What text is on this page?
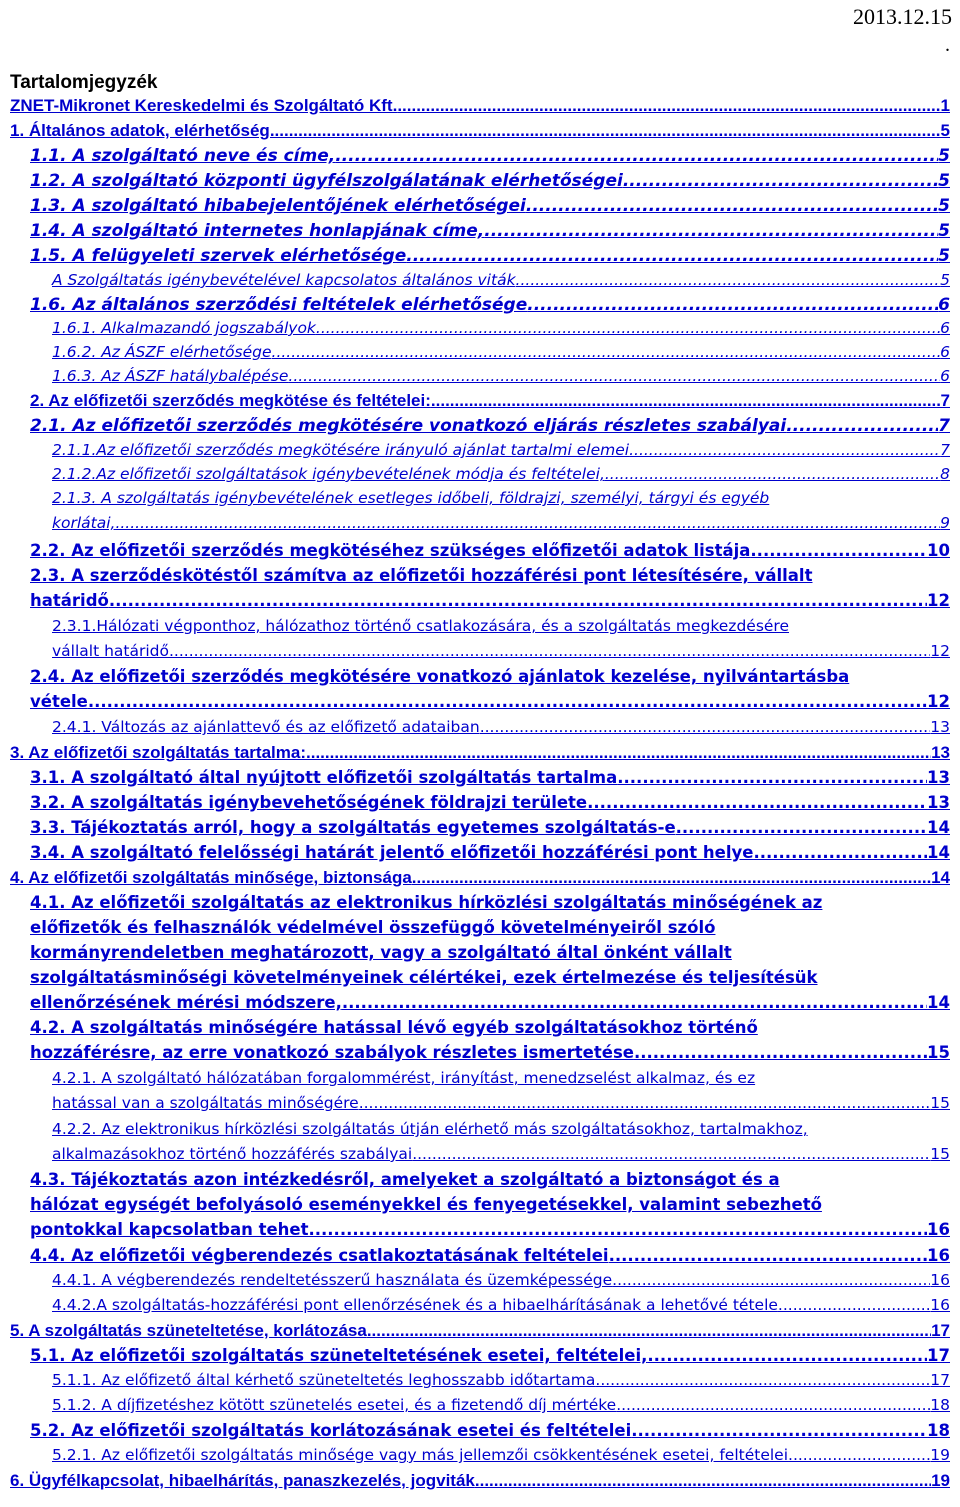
2013.12.15
.
Tartalomjegyzék
ZNET-Mikronet Kereskedelmi és Szolgáltató Kft. .....	1
1. Általános adatok, elérhetőség .....	5
1.1. A szolgáltató neve és címe, .....	5
1.2. A szolgáltató központi ügyfélszolgálatának elérhetőségei .....	5
1.3. A szolgáltató hibabejelentőjének elérhetőségei .....	5
1.4. A szolgáltató internetes honlapjának címe, .....	5
1.5. A felügyeleti szervek elérhetősége .....	5
A Szolgáltatás igénybevételével kapcsolatos általános viták .....	5
1.6. Az általános szerződési feltételek elérhetősége .....	6
1.6.1. Alkalmazandó jogszabályok .....	6
1.6.2. Az ÁSZF elérhetősége .....	6
1.6.3. Az ÁSZF hatálybalépése .....	6
2. Az előfizetői szerződés megkötése és feltételei: .....	7
2.1. Az előfizetői szerződés megkötésére vonatkozó eljárás részletes szabályai .....	7
2.1.1.Az előfizetői szerződés megkötésére irányuló ajánlat tartalmi elemei .....	7
2.1.2.Az előfizetői szolgáltatások igénybevételének módja és feltételei, .....	8
2.1.3. A szolgáltatás igénybevételének esetleges időbeli, földrajzi, személyi, tárgyi és egyéb
korlátai, .....	9
2.2. Az előfizetői szerződés megkötéséhez szükséges előfizetői adatok listája .....	10
2.3. A szerződéskötéstől számítva az előfizetői hozzáférési pont létesítésére, vállalt
határidő .....	12
2.3.1.Hálózati végponthoz, hálózathoz történő csatlakozására, és a szolgáltatás megkezdésére
vállalt határidő .....	12
2.4. Az előfizetői szerződés megkötésére vonatkozó ajánlatok kezelése, nyilvántartásba
vétele .....	12
2.4.1. Változás az ajánlattevő és az előfizető adataiban .....	13
3. Az előfizetői szolgáltatás tartalma: .....	13
3.1. A szolgáltató által nyújtott előfizetői szolgáltatás tartalma .....	13
3.2. A szolgáltatás igénybevehetőségének földrajzi területe .....	13
3.3. Tájékoztatás arról, hogy a szolgáltatás egyetemes szolgáltatás-e .....	14
3.4. A szolgáltató felelősségi határát jelentő előfizetői hozzáférési pont helye .....	14
4. Az előfizetői szolgáltatás minősége, biztonsága .....	14
4.1. Az előfizetői szolgáltatás az elektronikus hírközlési szolgáltatás minőségének az
előfizetők és felhasználók védelmével összefüggő követelményeiről szóló
kormányrendeletben meghatározott, vagy a szolgáltató által önként vállalt
szolgáltatásminőségi követelményeinek célértékei, ezek értelmezése és teljesítésük
ellenőrzésének mérési módszere, .....	14
4.2. A szolgáltatás minőségére hatással lévő egyéb szolgáltatásokhoz történő
hozzáférésre, az erre vonatkozó szabályok részletes ismertetése .....	15
4.2.1. A szolgáltató hálózatában forgalommérést, irányítást, menedzselést alkalmaz, és ez
hatással van a szolgáltatás minőségére .....	15
4.2.2. Az elektronikus hírközlési szolgáltatás útján elérhető más szolgáltatásokhoz, tartalmakhoz,
alkalmazásokhoz történő hozzáférés szabályai .....	15
4.3. Tájékoztatás azon intézkedésről, amelyeket a szolgáltató a biztonságot és a
hálózat egységét befolyásoló eseményekkel és fenyegetésekkel, valamint sebezhető
pontokkal kapcsolatban tehet .....	16
4.4. Az előfizetői végberendezés csatlakoztatásának feltételei .....	16
4.4.1. A végberendezés rendeltetésszerű használata és üzemképessége .....	16
4.4.2.A szolgáltatás-hozzáférési pont ellenőrzésének és a hibaelhárításának a lehetővé tétele .....	16
5. A szolgáltatás szüneteltetése, korlátozása .....	17
5.1. Az előfizetői szolgáltatás szüneteltetésének esetei, feltételei, .....	17
5.1.1. Az előfizető által kérhető szüneteltetés leghosszabb időtartama .....	17
5.1.2. A díjfizetéshez kötött szünetelés esetei, és a fizetendő díj mértéke .....	18
5.2. Az előfizetői szolgáltatás korlátozásának esetei és feltételei .....	18
5.2.1. Az előfizetői szolgáltatás minősége vagy más jellemzői csökkentésének esetei, feltételei .....	19
6. Ügyfélkapcsolat, hibaelhárítás, panaszkezelés, jogviták .....	19
